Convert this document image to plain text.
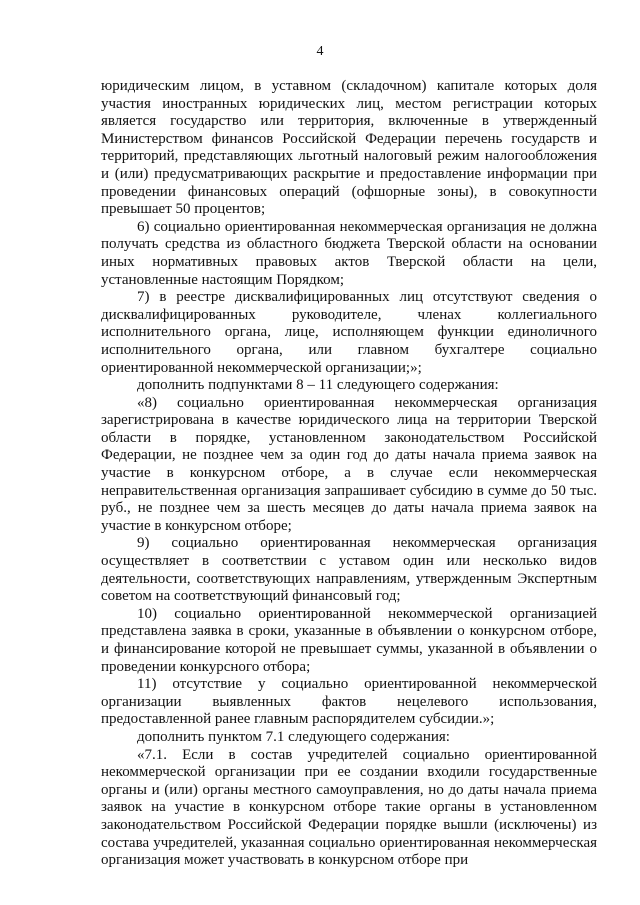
4

юридическим лицом, в уставном (складочном) капитале которых доля участия иностранных юридических лиц, местом регистрации которых является государство или территория, включенные в утвержденный Министерством финансов Российской Федерации перечень государств и территорий, представляющих льготный налоговый режим налогообложения и (или) предусматривающих раскрытие и предоставление информации при проведении финансовых операций (офшорные зоны), в совокупности превышает 50 процентов;

6) социально ориентированная некоммерческая организация не должна получать средства из областного бюджета Тверской области на основании иных нормативных правовых актов Тверской области на цели, установленные настоящим Порядком;

7) в реестре дисквалифицированных лиц отсутствуют сведения о дисквалифицированных руководителе, членах коллегиального исполнительного органа, лице, исполняющем функции единоличного исполнительного органа, или главном бухгалтере социально ориентированной некоммерческой организации;»;

дополнить подпунктами 8 – 11 следующего содержания:

«8) социально ориентированная некоммерческая организация зарегистрирована в качестве юридического лица на территории Тверской области в порядке, установленном законодательством Российской Федерации, не позднее чем за один год до даты начала приема заявок на участие в конкурсном отборе, а в случае если некоммерческая неправительственная организация запрашивает субсидию в сумме до 50 тыс. руб., не позднее чем за шесть месяцев до даты начала приема заявок на участие в конкурсном отборе;

9) социально ориентированная некоммерческая организация осуществляет в соответствии с уставом один или несколько видов деятельности, соответствующих направлениям, утвержденным Экспертным советом на соответствующий финансовый год;

10) социально ориентированной некоммерческой организацией представлена заявка в сроки, указанные в объявлении о конкурсном отборе, и финансирование которой не превышает суммы, указанной в объявлении о проведении конкурсного отбора;

11) отсутствие у социально ориентированной некоммерческой организации выявленных фактов нецелевого использования, предоставленной ранее главным распорядителем субсидии.»;

дополнить пунктом 7.1 следующего содержания:

«7.1. Если в состав учредителей социально ориентированной некоммерческой организации при ее создании входили государственные органы и (или) органы местного самоуправления, но до даты начала приема заявок на участие в конкурсном отборе такие органы в установленном законодательством Российской Федерации порядке вышли (исключены) из состава учредителей, указанная социально ориентированная некоммерческая организация может участвовать в конкурсном отборе при
